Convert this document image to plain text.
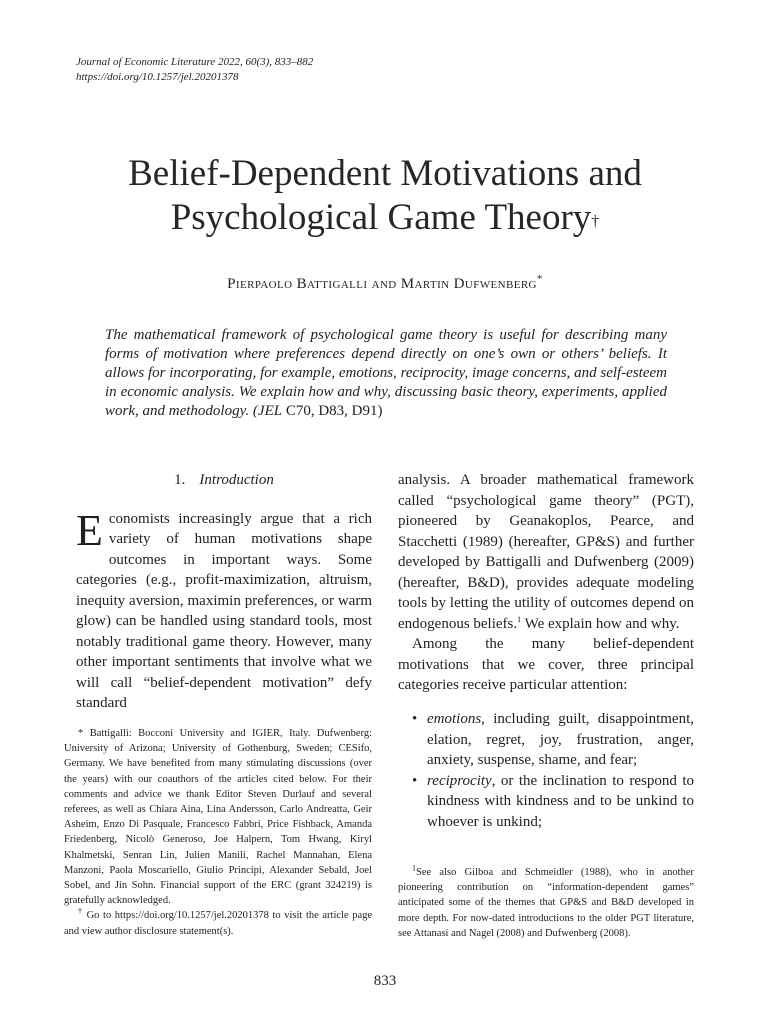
Journal of Economic Literature 2022, 60(3), 833–882
https://doi.org/10.1257/jel.20201378
Belief-Dependent Motivations and
Psychological Game Theory†
Pierpaolo Battigalli and Martin Dufwenberg*
The mathematical framework of psychological game theory is useful for describing many forms of motivation where preferences depend directly on one’s own or others’ beliefs. It allows for incorporating, for example, emotions, reciprocity, image concerns, and self-esteem in economic analysis. We explain how and why, discussing basic theory, experiments, applied work, and methodology. (JEL C70, D83, D91)
1. Introduction

Economists increasingly argue that a rich variety of human motivations shape outcomes in important ways. Some categories (e.g., profit-maximization, altruism, inequity aversion, maximin preferences, or warm glow) can be handled using standard tools, most notably traditional game theory. However, many other important sentiments that involve what we will call “belief-dependent motivation” defy standard

analysis. A broader mathematical framework called “psychological game theory” (PGT), pioneered by Geanakoplos, Pearce, and Stacchetti (1989) (hereafter, GP&S) and further developed by Battigalli and Dufwenberg (2009) (hereafter, B&D), provides adequate modeling tools by letting the utility of outcomes depend on endogenous beliefs.$^1$ We explain how and why.

Among the many belief-dependent motivations that we cover, three principal categories receive particular attention:

• emotions, including guilt, disappointment, elation, regret, joy, frustration, anger, anxiety, suspense, shame, and fear;

• reciprocity, or the inclination to respond to kindness with kindness and to be unkind to whoever is unkind;

* Battigalli: Bocconi University and IGIER, Italy. Dufwenberg: University of Arizona; University of Gothenburg, Sweden; CESifo, Germany. We have benefited from many stimulating discussions (over the years) with our coauthors of the articles cited below. For their comments and advice we thank Editor Steven Durlauf and several referees, as well as Chiara Aina, Lina Andersson, Carlo Andreatta, Geir Asheim, Enzo Di Pasquale, Francesco Fabbri, Price Fishback, Amanda Friedenberg, Nicolò Generoso, Joe Halpern, Tom Hwang, Kiryl Khalmetski, Senran Lin, Julien Manili, Rachel Mannahan, Elena Manzoni, Paola Moscariello, Giulio Principi, Alexander Sebald, Joel Sobel, and Jin Sohn. Financial support of the ERC (grant 324219) is gratefully acknowledged.

† Go to https://doi.org/10.1257/jel.20201378 to visit the article page and view author disclosure statement(s).

$^1$See also Gilboa and Schmeidler (1988), who in another pioneering contribution on “information-dependent games” anticipated some of the themes that GP&S and B&D developed in more depth. For now-dated introductions to the older PGT literature, see Attanasi and Nagel (2008) and Dufwenberg (2008).

833
